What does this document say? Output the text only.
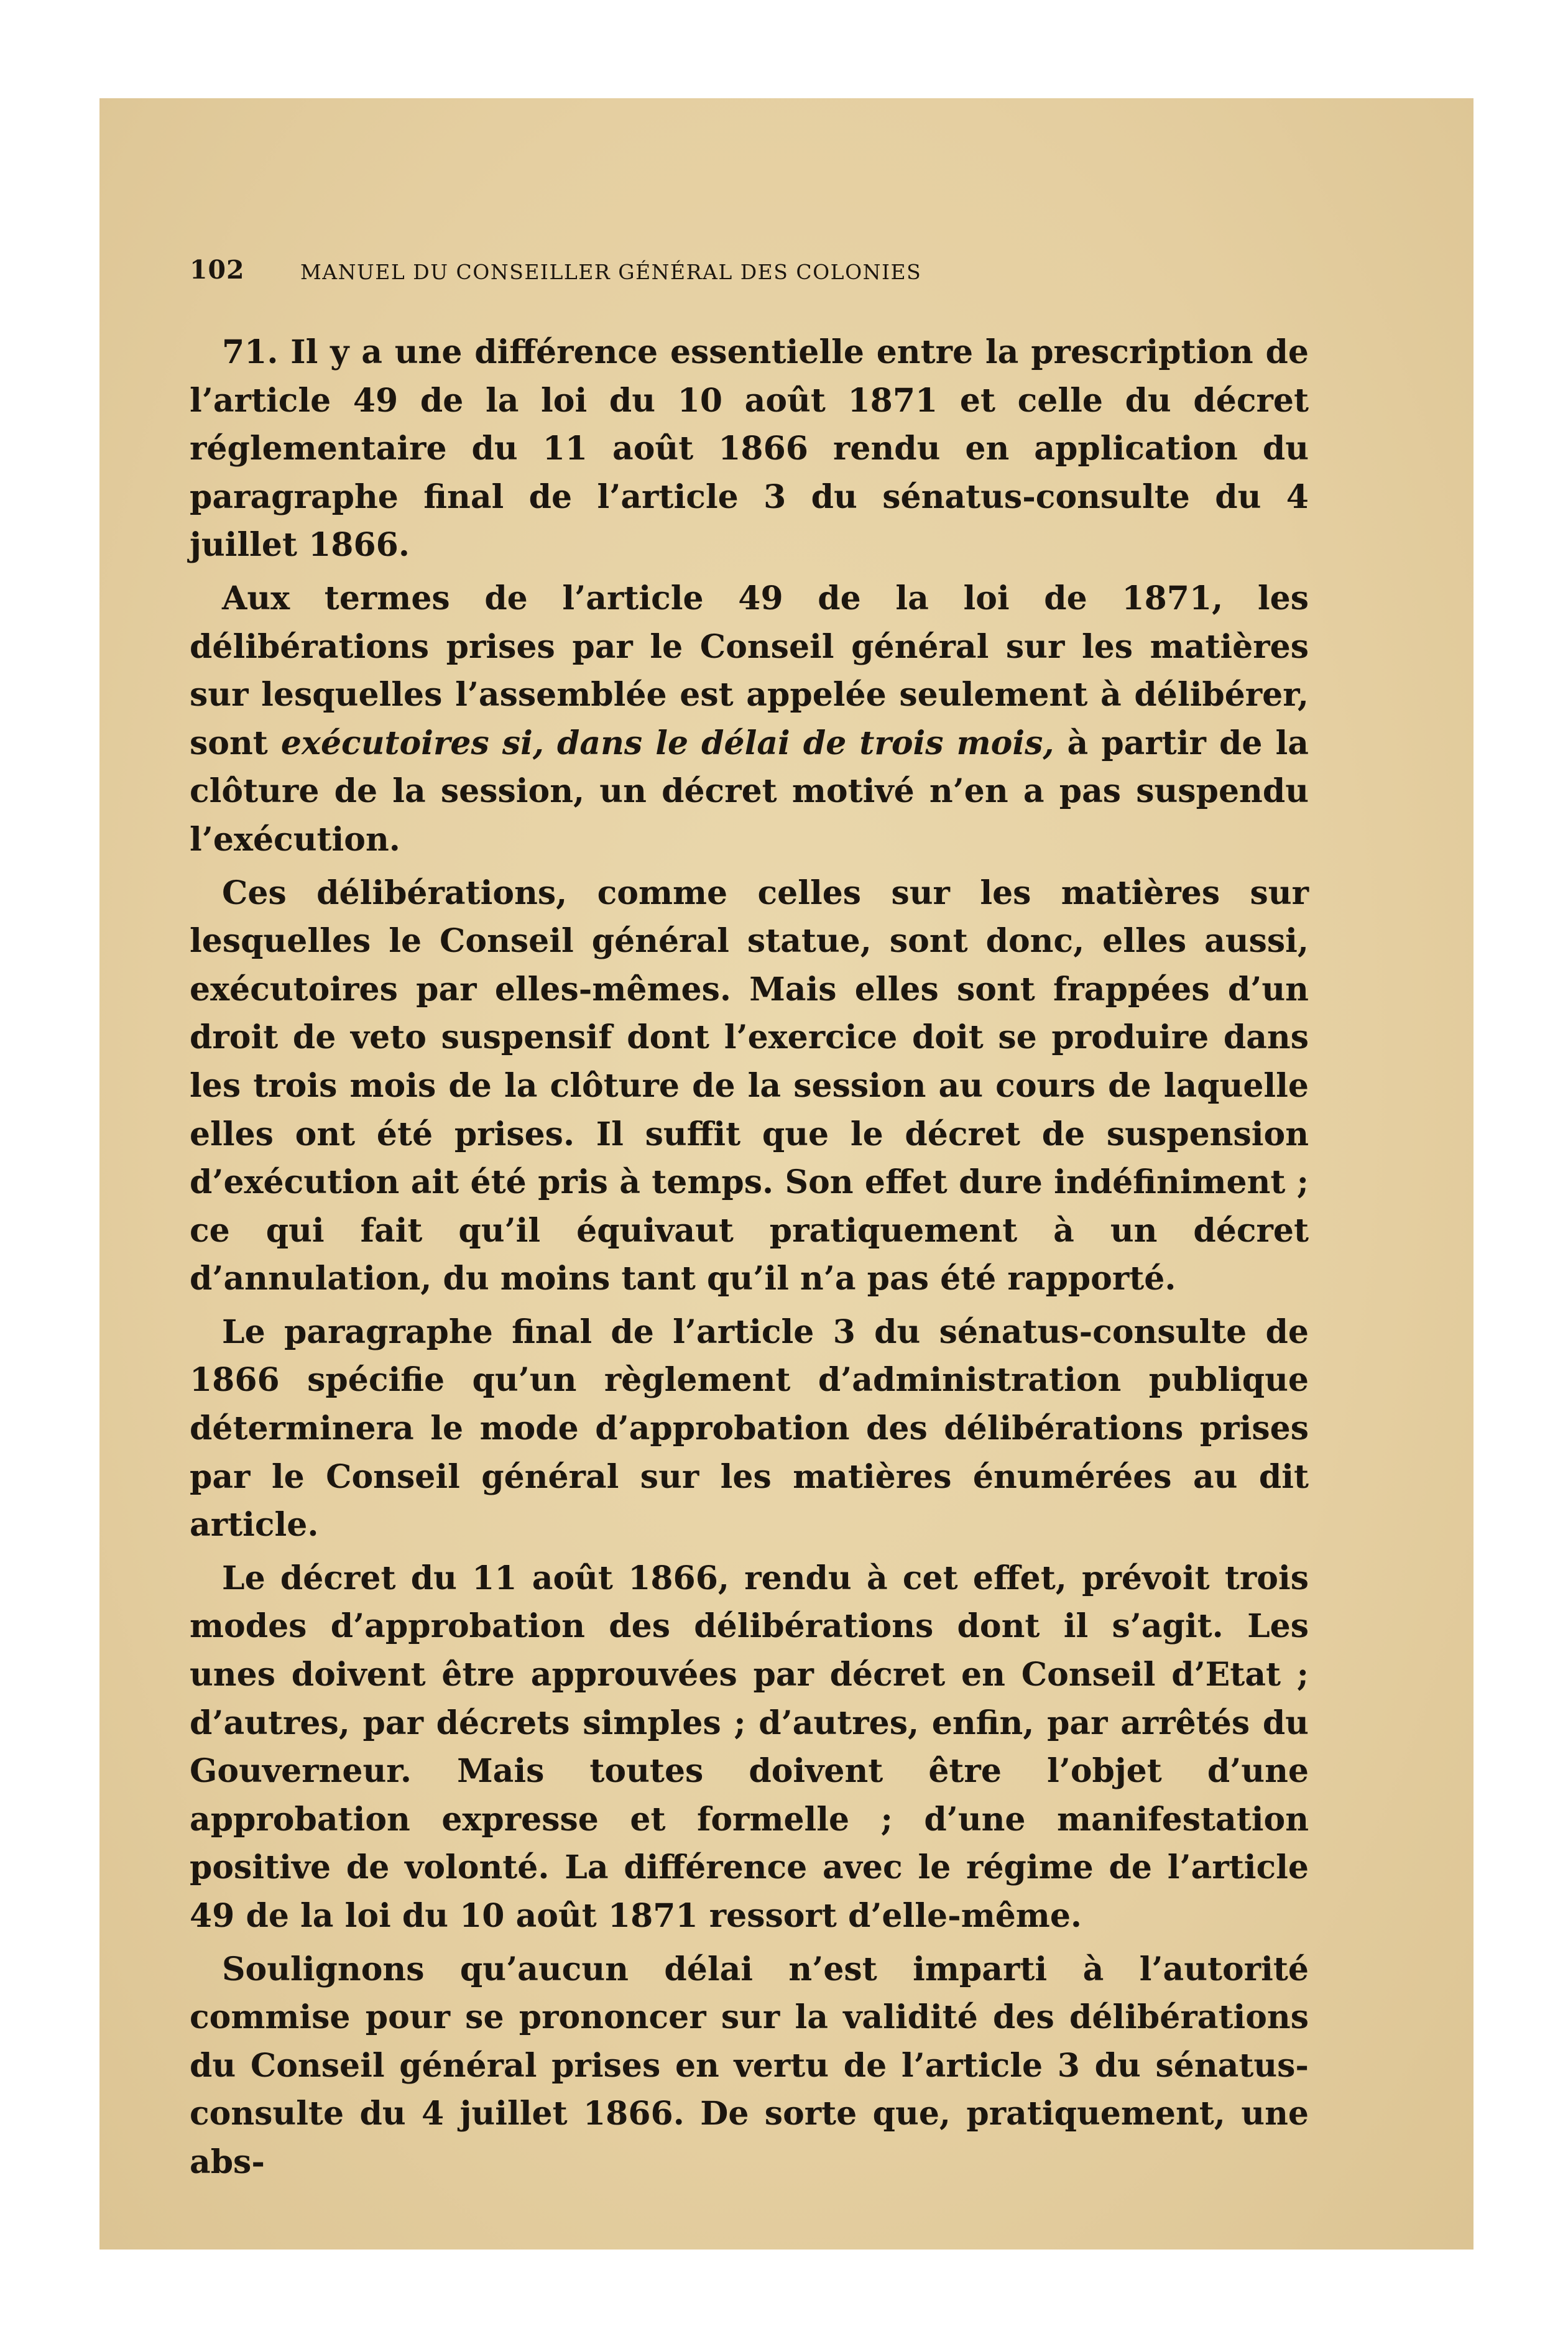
102	MANUEL DU CONSEILLER GÉNÉRAL DES COLONIES

71. Il y a une différence essentielle entre la prescription de l’article 49 de la loi du 10 août 1871 et celle du décret réglementaire du 11 août 1866 rendu en application du paragraphe final de l’article 3 du sénatus-consulte du 4 juillet 1866.

Aux termes de l’article 49 de la loi de 1871, les délibérations prises par le Conseil général sur les matières sur lesquelles l’assemblée est appelée seulement à délibérer, sont exécutoires si, dans le délai de trois mois, à partir de la clôture de la session, un décret motivé n’en a pas suspendu l’exécution.

Ces délibérations, comme celles sur les matières sur lesquelles le Conseil général statue, sont donc, elles aussi, exécutoires par elles-mêmes. Mais elles sont frappées d’un droit de veto suspensif dont l’exercice doit se produire dans les trois mois de la clôture de la session au cours de laquelle elles ont été prises. Il suffit que le décret de suspension d’exécution ait été pris à temps. Son effet dure indéfiniment ; ce qui fait qu’il équivaut pratiquement à un décret d’annulation, du moins tant qu’il n’a pas été rapporté.

Le paragraphe final de l’article 3 du sénatus-consulte de 1866 spécifie qu’un règlement d’administration publique déterminera le mode d’approbation des délibérations prises par le Conseil général sur les matières énumérées au dit article.

Le décret du 11 août 1866, rendu à cet effet, prévoit trois modes d’approbation des délibérations dont il s’agit. Les unes doivent être approuvées par décret en Conseil d’Etat ; d’autres, par décrets simples ; d’autres, enfin, par arrêtés du Gouverneur. Mais toutes doivent être l’objet d’une approbation expresse et formelle ; d’une manifestation positive de volonté. La différence avec le régime de l’article 49 de la loi du 10 août 1871 ressort d’elle-même.

Soulignons qu’aucun délai n’est imparti à l’autorité commise pour se prononcer sur la validité des délibérations du Conseil général prises en vertu de l’article 3 du sénatus-consulte du 4 juillet 1866. De sorte que, pratiquement, une abs-
